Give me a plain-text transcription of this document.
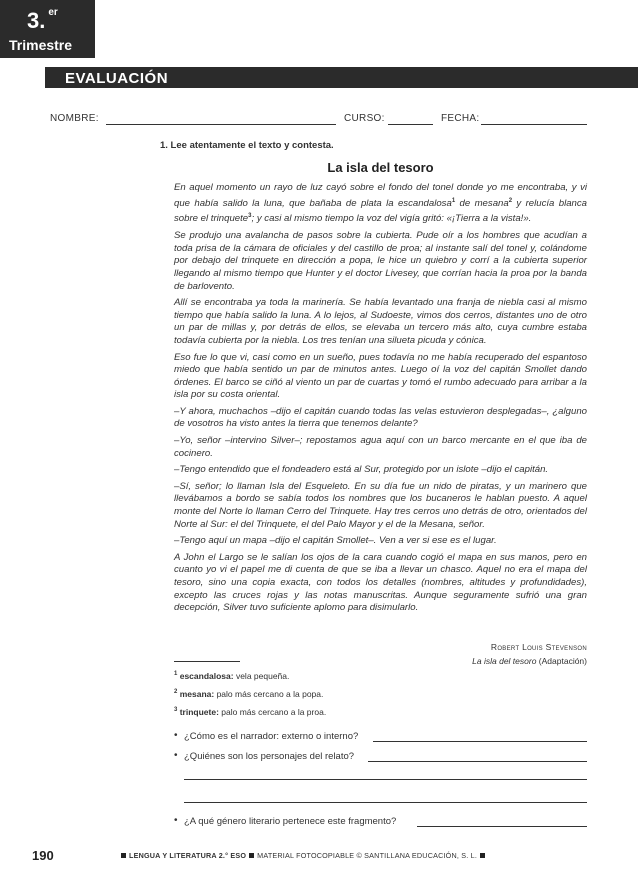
3. $^{er}$
Trimestre
EVALUACIÓN
NOMBRE:	CURSO:	FECHA:
1. Lee atentamente el texto y contesta.
La isla del tesoro

En aquel momento un rayo de luz cayó sobre el fondo del tonel donde yo me encontraba, y vi que había salido la luna, que bañaba de plata la escandalosa$^1$ de mesana$^2$ y relucía blanca sobre el trinquete$^3$; y casi al mismo tiempo la voz del vigía gritó: «¡Tierra a la vista!».

Se produjo una avalancha de pasos sobre la cubierta. Pude oír a los hombres que acudían a toda prisa de la cámara de oficiales y del castillo de proa; al instante salí del tonel y, colándome por debajo del trinquete en dirección a popa, le hice un quiebro y corrí a la cubierta superior llegando al mismo tiempo que Hunter y el doctor Livesey, que corrían hacia la proa por la banda de barlovento.

Allí se encontraba ya toda la marinería. Se había levantado una franja de niebla casi al mismo tiempo que había salido la luna. A lo lejos, al Sudoeste, vimos dos cerros, distantes uno de otro un par de millas y, por detrás de ellos, se elevaba un tercero más alto, cuya cumbre estaba todavía cubierta por la niebla. Los tres tenían una silueta picuda y cónica.

Eso fue lo que vi, casi como en un sueño, pues todavía no me había recuperado del espantoso miedo que había sentido un par de minutos antes. Luego oí la voz del capitán Smollet dando órdenes. El barco se ciñó al viento un par de cuartas y tomó el rumbo adecuado para arribar a la isla por su costa oriental.

–Y ahora, muchachos –dijo el capitán cuando todas las velas estuvieron desplegadas–, ¿alguno de vosotros ha visto antes la tierra que tenemos delante?

–Yo, señor –intervino Silver–; repostamos agua aquí con un barco mercante en el que iba de cocinero.

–Tengo entendido que el fondeadero está al Sur, protegido por un islote –dijo el capitán.

–Sí, señor; lo llaman Isla del Esqueleto. En su día fue un nido de piratas, y un marinero que llevábamos a bordo se sabía todos los nombres que los bucaneros le hablan puesto. A aquel monte del Norte lo llaman Cerro del Trinquete. Hay tres cerros uno detrás de otro, orientados del Norte al Sur: el del Trinquete, el del Palo Mayor y el de la Mesana, señor.

–Tengo aquí un mapa –dijo el capitán Smollet–. Ven a ver si ese es el lugar.

A John el Largo se le salían los ojos de la cara cuando cogió el mapa en sus manos, pero en cuanto yo vi el papel me di cuenta de que se iba a llevar un chasco. Aquel no era el mapa del tesoro, sino una copia exacta, con todos los detalles (nombres, altitudes y profundidades), excepto las cruces rojas y las notas manuscritas. Aunque seguramente sufrió una gran decepción, Silver tuvo suficiente aplomo para disimularlo.

Robert Louis Stevenson
La isla del tesoro (Adaptación)
$^1$ escandalosa: vela pequeña.
$^2$ mesana: palo más cercano a la popa.
$^3$ trinquete: palo más cercano a la proa.
• ¿Cómo es el narrador: externo o interno?
• ¿Quiénes son los personajes del relato?
• ¿A qué género literario pertenece este fragmento?
190	LENGUA Y LITERATURA 2.° ESO MATERIAL FOTOCOPIABLE © SANTILLANA EDUCACIÓN, S. L.
